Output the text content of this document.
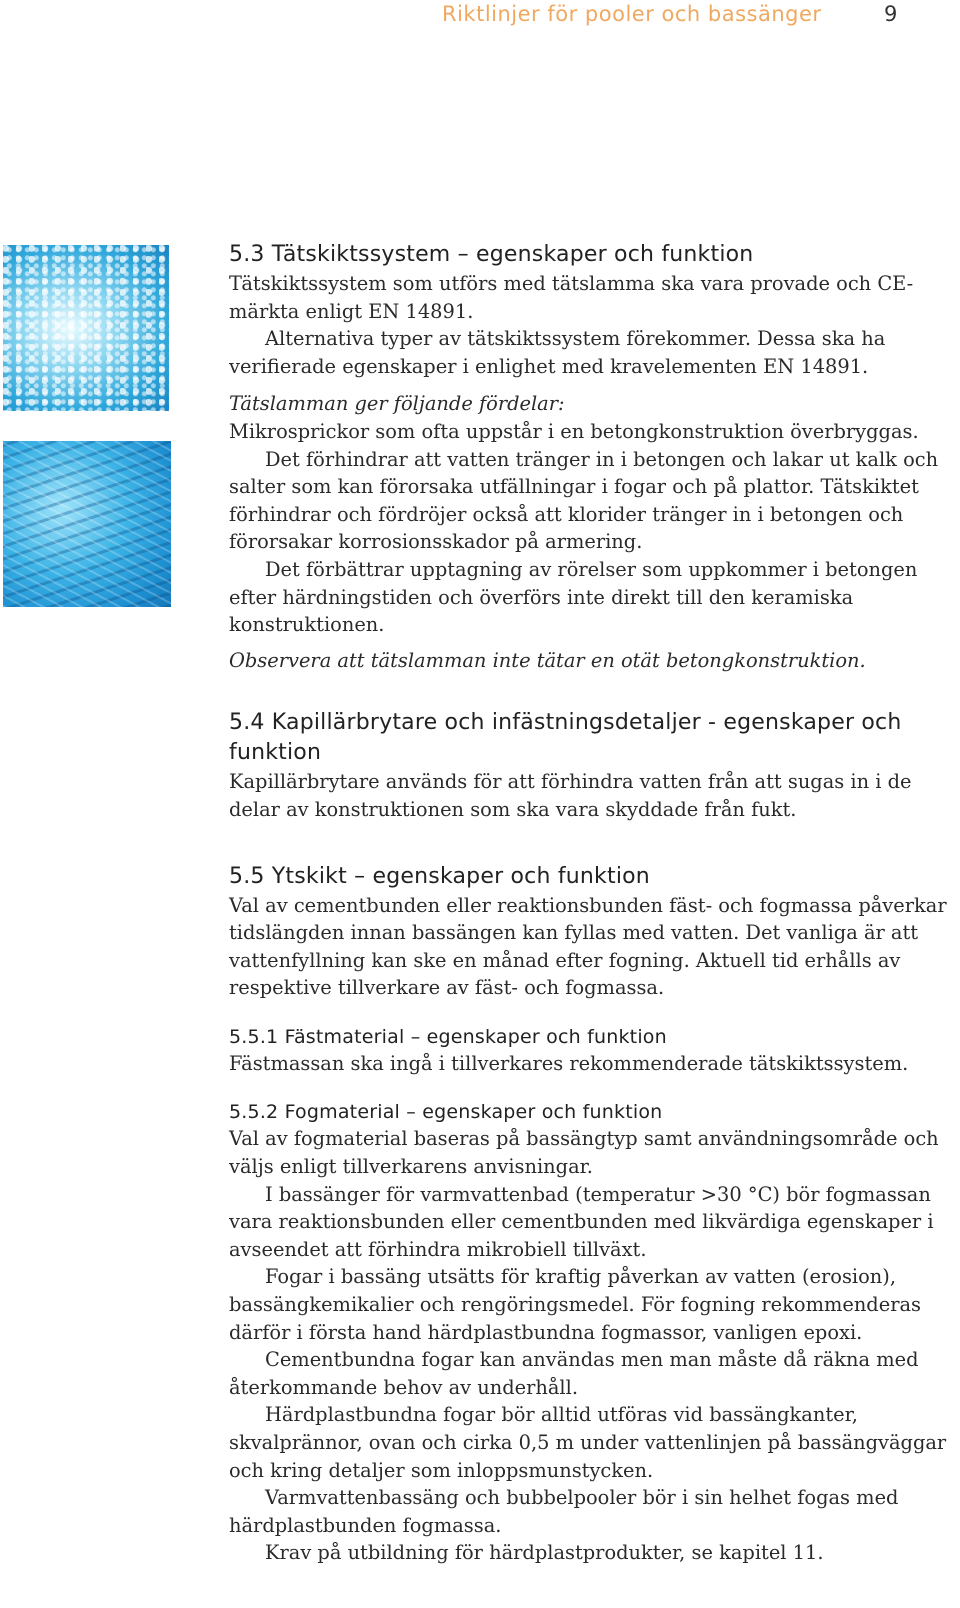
Riktlinjer för pooler och bassänger	9
5.3 Tätskiktssystem – egenskaper och funktion

Tätskiktssystem som utförs med tätslamma ska vara provade och CE-märkta enligt EN 14891.

Alternativa typer av tätskiktssystem förekommer. Dessa ska ha verifierade egenskaper i enlighet med kravelementen EN 14891.

Tätslamman ger följande fördelar:

Mikrosprickor som ofta uppstår i en betongkonstruktion överbryggas.

Det förhindrar att vatten tränger in i betongen och lakar ut kalk och salter som kan förorsaka utfällningar i fogar och på plattor. Tätskiktet förhindrar och fördröjer också att klorider tränger in i betongen och förorsakar korrosionsskador på armering.

Det förbättrar upptagning av rörelser som uppkommer i betongen efter härdningstiden och överförs inte direkt till den keramiska konstruktionen.

Observera att tätslamman inte tätar en otät betongkonstruktion.

5.4 Kapillärbrytare och infästningsdetaljer - egenskaper och funktion

Kapillärbrytare används för att förhindra vatten från att sugas in i de delar av konstruktionen som ska vara skyddade från fukt.

5.5 Ytskikt – egenskaper och funktion

Val av cementbunden eller reaktionsbunden fäst- och fogmassa påverkar tidslängden innan bassängen kan fyllas med vatten. Det vanliga är att vattenfyllning kan ske en månad efter fogning. Aktuell tid erhålls av respektive tillverkare av fäst- och fogmassa.

5.5.1 Fästmaterial – egenskaper och funktion

Fästmassan ska ingå i tillverkares rekommenderade tätskiktssystem.

5.5.2 Fogmaterial – egenskaper och funktion

Val av fogmaterial baseras på bassängtyp samt användningsområde och väljs enligt tillverkarens anvisningar.

I bassänger för varmvattenbad (temperatur >30 °C) bör fogmassan vara reaktionsbunden eller cementbunden med likvärdiga egenskaper i avseendet att förhindra mikrobiell tillväxt.

Fogar i bassäng utsätts för kraftig påverkan av vatten (erosion), bassängkemikalier och rengöringsmedel. För fogning rekommenderas därför i första hand härdplastbundna fogmassor, vanligen epoxi.

Cementbundna fogar kan användas men man måste då räkna med återkommande behov av underhåll.

Härdplastbundna fogar bör alltid utföras vid bassängkanter, skvalprännor, ovan och cirka 0,5 m under vattenlinjen på bassängväggar och kring detaljer som inloppsmunstycken.

Varmvattenbassäng och bubbelpooler bör i sin helhet fogas med härdplastbunden fogmassa.

Krav på utbildning för härdplastprodukter, se kapitel 11.
